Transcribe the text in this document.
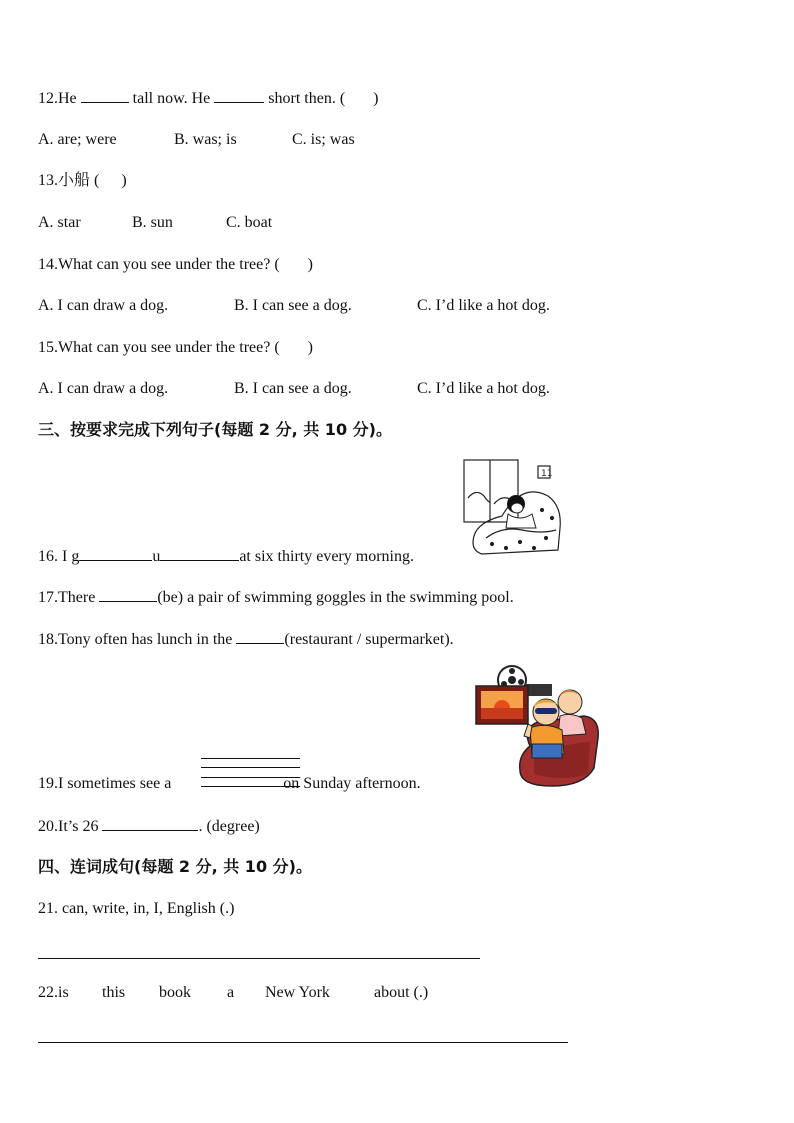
12.He	tall now. He	short then. ( )
A. are; were	B. was; is	C. is; was
13.小船 ( )
A. star	B. sun	C. boat
14.What can you see under the tree? ( )
A. I can draw a dog.	B. I can see a dog.	C. I’d like a hot dog.
15.What can you see under the tree? ( )
A. I can draw a dog.	B. I can see a dog.	C. I’d like a hot dog.
三、按要求完成下列句子(每题 2 分, 共 10 分)。
11
16. I g	u	at six thirty every morning.
17.There	(be) a pair of swimming goggles in the swimming pool.
18.Tony often has lunch in the	(restaurant / supermarket).
19.I sometimes see a	on Sunday afternoon.
20.It’s 26	. (degree)
四、连词成句(每题 2 分, 共 10 分)。
21. can, write, in, I, English (.)
22.is this book a New York	about (.)
